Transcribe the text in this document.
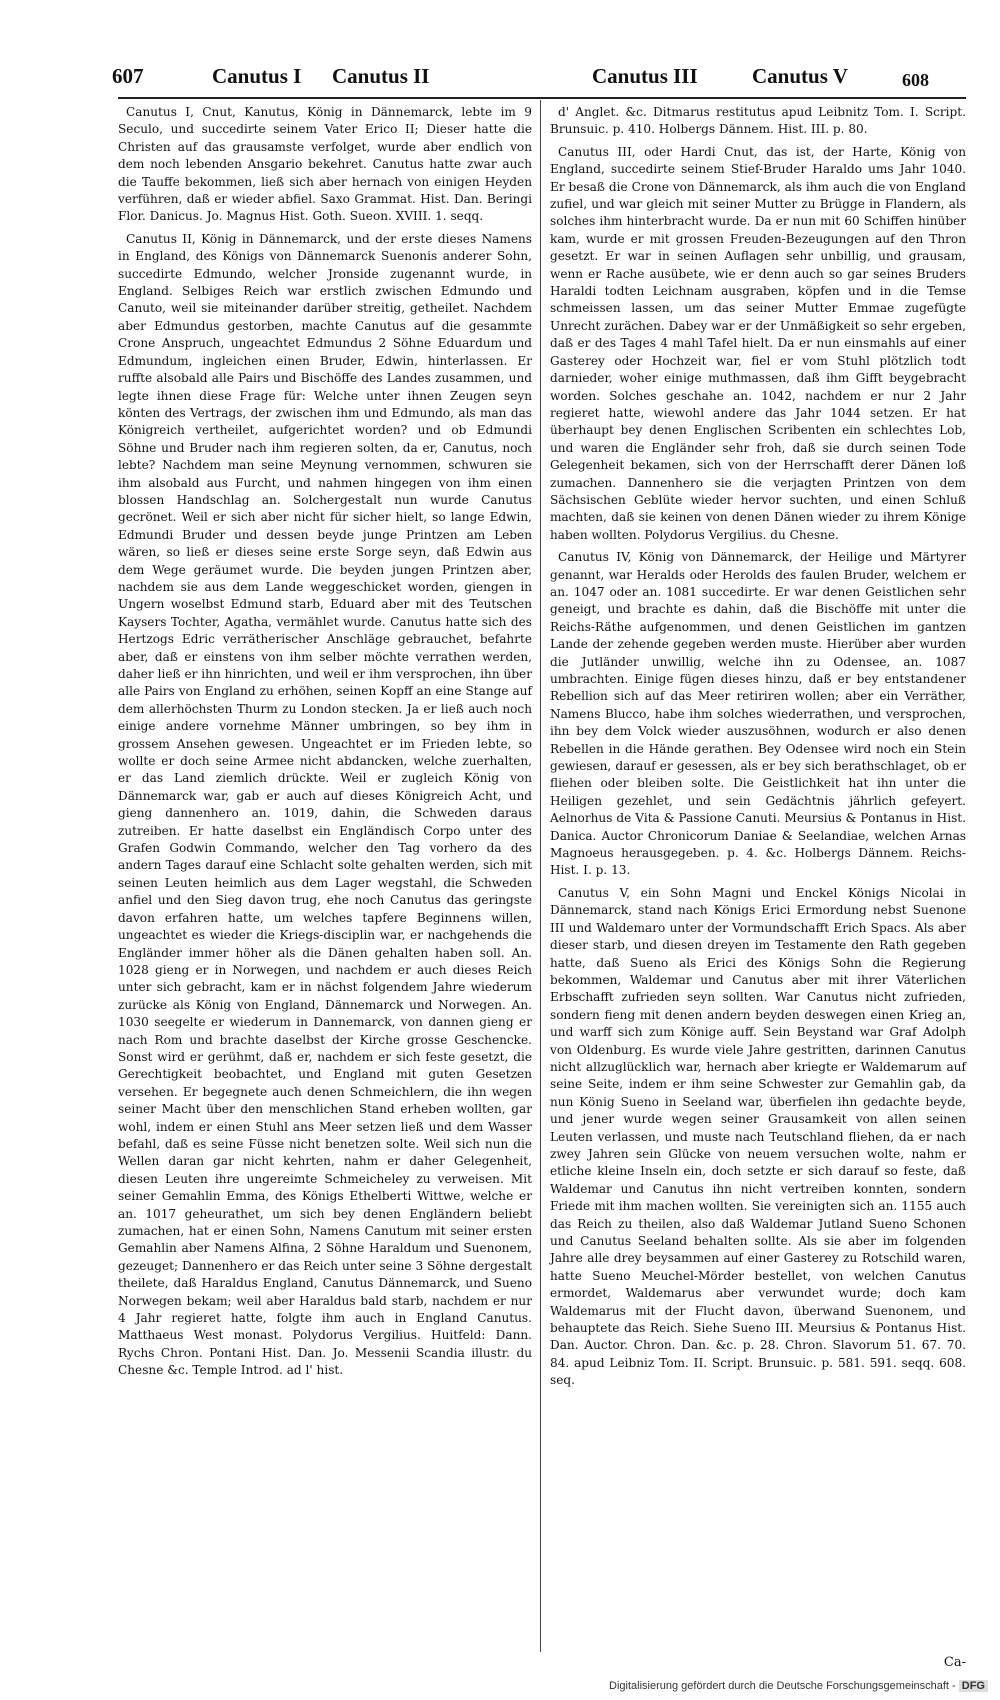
607	Canutus I Canutus II	Canutus III	Canutus V	608

Canutus I, Cnut, Kanutus, König in Dännemarck, lebte im 9 Seculo, und succedirte seinem Vater Erico II; Dieser hatte die Christen auf das grausamste verfolget, wurde aber endlich von dem noch lebenden Ansgario bekehret. Canutus hatte zwar auch die Tauffe bekommen, ließ sich aber hernach von einigen Heyden verführen, daß er wieder abfiel. Saxo Grammat. Hist. Dan. Beringi Flor. Danicus. Jo. Magnus Hist. Goth. Sueon. XVIII. 1. seqq.

Canutus II, König in Dännemarck, und der erste dieses Namens in England, des Königs von Dännemarck Suenonis anderer Sohn, succedirte Edmundo, welcher Jronside zugenannt wurde, in England. Selbiges Reich war erstlich zwischen Edmundo und Canuto, weil sie miteinander darüber streitig, getheilet. Nachdem aber Edmundus gestorben, machte Canutus auf die gesammte Crone Anspruch, ungeachtet Edmundus 2 Söhne Eduardum und Edmundum, ingleichen einen Bruder, Edwin, hinterlassen. Er ruffte alsobald alle Pairs und Bischöffe des Landes zusammen, und legte ihnen diese Frage für: Welche unter ihnen Zeugen seyn könten des Vertrags, der zwischen ihm und Edmundo, als man das Königreich vertheilet, aufgerichtet worden? und ob Edmundi Söhne und Bruder nach ihm regieren solten, da er, Canutus, noch lebte? Nachdem man seine Meynung vernommen, schwuren sie ihm alsobald aus Furcht, und nahmen hingegen von ihm einen blossen Handschlag an. Solchergestalt nun wurde Canutus gecrönet. Weil er sich aber nicht für sicher hielt, so lange Edwin, Edmundi Bruder und dessen beyde junge Printzen am Leben wären, so ließ er dieses seine erste Sorge seyn, daß Edwin aus dem Wege geräumet wurde. Die beyden jungen Printzen aber, nachdem sie aus dem Lande weggeschicket worden, giengen in Ungern woselbst Edmund starb, Eduard aber mit des Teutschen Kaysers Tochter, Agatha, vermählet wurde. Canutus hatte sich des Hertzogs Edric verrätherischer Anschläge gebrauchet, befahrte aber, daß er einstens von ihm selber möchte verrathen werden, daher ließ er ihn hinrichten, und weil er ihm versprochen, ihn über alle Pairs von England zu erhöhen, seinen Kopff an eine Stange auf dem allerhöchsten Thurm zu London stecken. Ja er ließ auch noch einige andere vornehme Männer umbringen, so bey ihm in grossem Ansehen gewesen. Ungeachtet er im Frieden lebte, so wollte er doch seine Armee nicht abdancken, welche zuerhalten, er das Land ziemlich drückte. Weil er zugleich König von Dännemarck war, gab er auch auf dieses Königreich Acht, und gieng dannenhero an. 1019, dahin, die Schweden daraus zutreiben. Er hatte daselbst ein Engländisch Corpo unter des Grafen Godwin Commando, welcher den Tag vorhero da des andern Tages darauf eine Schlacht solte gehalten werden, sich mit seinen Leuten heimlich aus dem Lager wegstahl, die Schweden anfiel und den Sieg davon trug, ehe noch Canutus das geringste davon erfahren hatte, um welches tapfere Beginnens willen, ungeachtet es wieder die Kriegs-disciplin war, er nachgehends die Engländer immer höher als die Dänen gehalten haben soll. An. 1028 gieng er in Norwegen, und nachdem er auch dieses Reich unter sich gebracht, kam er in nächst folgendem Jahre wiederum zurücke als König von England, Dännemarck und Norwegen. An. 1030 seegelte er wiederum in Dannemarck, von dannen gieng er nach Rom und brachte daselbst der Kirche grosse Geschencke. Sonst wird er gerühmt, daß er, nachdem er sich feste gesetzt, die Gerechtigkeit beobachtet, und England mit guten Gesetzen versehen. Er begegnete auch denen Schmeichlern, die ihn wegen seiner Macht über den menschlichen Stand erheben wollten, gar wohl, indem er einen Stuhl ans Meer setzen ließ und dem Wasser befahl, daß es seine Füsse nicht benetzen solte. Weil sich nun die Wellen daran gar nicht kehrten, nahm er daher Gelegenheit, diesen Leuten ihre ungereimte Schmeicheley zu verweisen. Mit seiner Gemahlin Emma, des Königs Ethelberti Wittwe, welche er an. 1017 geheurathet, um sich bey denen Engländern beliebt zumachen, hat er einen Sohn, Namens Canutum mit seiner ersten Gemahlin aber Namens Alfina, 2 Söhne Haraldum und Suenonem, gezeuget; Dannenhero er das Reich unter seine 3 Söhne dergestalt theilete, daß Haraldus England, Canutus Dännemarck, und Sueno Norwegen bekam; weil aber Haraldus bald starb, nachdem er nur 4 Jahr regieret hatte, folgte ihm auch in England Canutus. Matthaeus West monast. Polydorus Vergilius. Huitfeld: Dann. Rychs Chron. Pontani Hist. Dan. Jo. Messenii Scandia illustr. du Chesne &c. Temple Introd. ad l' hist.

d' Anglet. &c. Ditmarus restitutus apud Leibnitz Tom. I. Script. Brunsuic. p. 410. Holbergs Dännem. Hist. III. p. 80.

Canutus III, oder Hardi Cnut, das ist, der Harte, König von England, succedirte seinem Stief-Bruder Haraldo ums Jahr 1040. Er besaß die Crone von Dännemarck, als ihm auch die von England zufiel, und war gleich mit seiner Mutter zu Brügge in Flandern, als solches ihm hinterbracht wurde. Da er nun mit 60 Schiffen hinüber kam, wurde er mit grossen Freuden-Bezeugungen auf den Thron gesetzt. Er war in seinen Auflagen sehr unbillig, und grausam, wenn er Rache ausübete, wie er denn auch so gar seines Bruders Haraldi todten Leichnam ausgraben, köpfen und in die Temse schmeissen lassen, um das seiner Mutter Emmae zugefügte Unrecht zurächen. Dabey war er der Unmäßigkeit so sehr ergeben, daß er des Tages 4 mahl Tafel hielt. Da er nun einsmahls auf einer Gasterey oder Hochzeit war, fiel er vom Stuhl plötzlich todt darnieder, woher einige muthmassen, daß ihm Gifft beygebracht worden. Solches geschahe an. 1042, nachdem er nur 2 Jahr regieret hatte, wiewohl andere das Jahr 1044 setzen. Er hat überhaupt bey denen Englischen Scribenten ein schlechtes Lob, und waren die Engländer sehr froh, daß sie durch seinen Tode Gelegenheit bekamen, sich von der Herrschafft derer Dänen loß zumachen. Dannenhero sie die verjagten Printzen von dem Sächsischen Geblüte wieder hervor suchten, und einen Schluß machten, daß sie keinen von denen Dänen wieder zu ihrem Könige haben wollten. Polydorus Vergilius. du Chesne.

Canutus IV, König von Dännemarck, der Heilige und Märtyrer genannt, war Heralds oder Herolds des faulen Bruder, welchem er an. 1047 oder an. 1081 succedirte. Er war denen Geistlichen sehr geneigt, und brachte es dahin, daß die Bischöffe mit unter die Reichs-Räthe aufgenommen, und denen Geistlichen im gantzen Lande der zehende gegeben werden muste. Hierüber aber wurden die Jutländer unwillig, welche ihn zu Odensee, an. 1087 umbrachten. Einige fügen dieses hinzu, daß er bey entstandener Rebellion sich auf das Meer retiriren wollen; aber ein Verräther, Namens Blucco, habe ihm solches wiederrathen, und versprochen, ihn bey dem Volck wieder auszusöhnen, wodurch er also denen Rebellen in die Hände gerathen. Bey Odensee wird noch ein Stein gewiesen, darauf er gesessen, als er bey sich berathschlaget, ob er fliehen oder bleiben solte. Die Geistlichkeit hat ihn unter die Heiligen gezehlet, und sein Gedächtnis jährlich gefeyert. Aelnorhus de Vita & Passione Canuti. Meursius & Pontanus in Hist. Danica. Auctor Chronicorum Daniae & Seelandiae, welchen Arnas Magnoeus herausgegeben. p. 4. &c. Holbergs Dännem. Reichs-Hist. I. p. 13.

Canutus V, ein Sohn Magni und Enckel Königs Nicolai in Dännemarck, stand nach Königs Erici Ermordung nebst Suenone III und Waldemaro unter der Vormundschafft Erich Spacs. Als aber dieser starb, und diesen dreyen im Testamente den Rath gegeben hatte, daß Sueno als Erici des Königs Sohn die Regierung bekommen, Waldemar und Canutus aber mit ihrer Väterlichen Erbschafft zufrieden seyn sollten. War Canutus nicht zufrieden, sondern fieng mit denen andern beyden deswegen einen Krieg an, und warff sich zum Könige auff. Sein Beystand war Graf Adolph von Oldenburg. Es wurde viele Jahre gestritten, darinnen Canutus nicht allzuglücklich war, hernach aber kriegte er Waldemarum auf seine Seite, indem er ihm seine Schwester zur Gemahlin gab, da nun König Sueno in Seeland war, überfielen ihn gedachte beyde, und jener wurde wegen seiner Grausamkeit von allen seinen Leuten verlassen, und muste nach Teutschland fliehen, da er nach zwey Jahren sein Glücke von neuem versuchen wolte, nahm er etliche kleine Inseln ein, doch setzte er sich darauf so feste, daß Waldemar und Canutus ihn nicht vertreiben konnten, sondern Friede mit ihm machen wollten. Sie vereinigten sich an. 1155 auch das Reich zu theilen, also daß Waldemar Jutland Sueno Schonen und Canutus Seeland behalten sollte. Als sie aber im folgenden Jahre alle drey beysammen auf einer Gasterey zu Rotschild waren, hatte Sueno Meuchel-Mörder bestellet, von welchen Canutus ermordet, Waldemarus aber verwundet wurde; doch kam Waldemarus mit der Flucht davon, überwand Suenonem, und behauptete das Reich. Siehe Sueno III. Meursius & Pontanus Hist. Dan. Auctor. Chron. Dan. &c. p. 28. Chron. Slavorum 51. 67. 70. 84. apud Leibniz Tom. II. Script. Brunsuic. p. 581. 591. seqq. 608. seq.

Ca-
Digitalisierung gefördert durch die Deutsche Forschungsgemeinschaft - DFG
